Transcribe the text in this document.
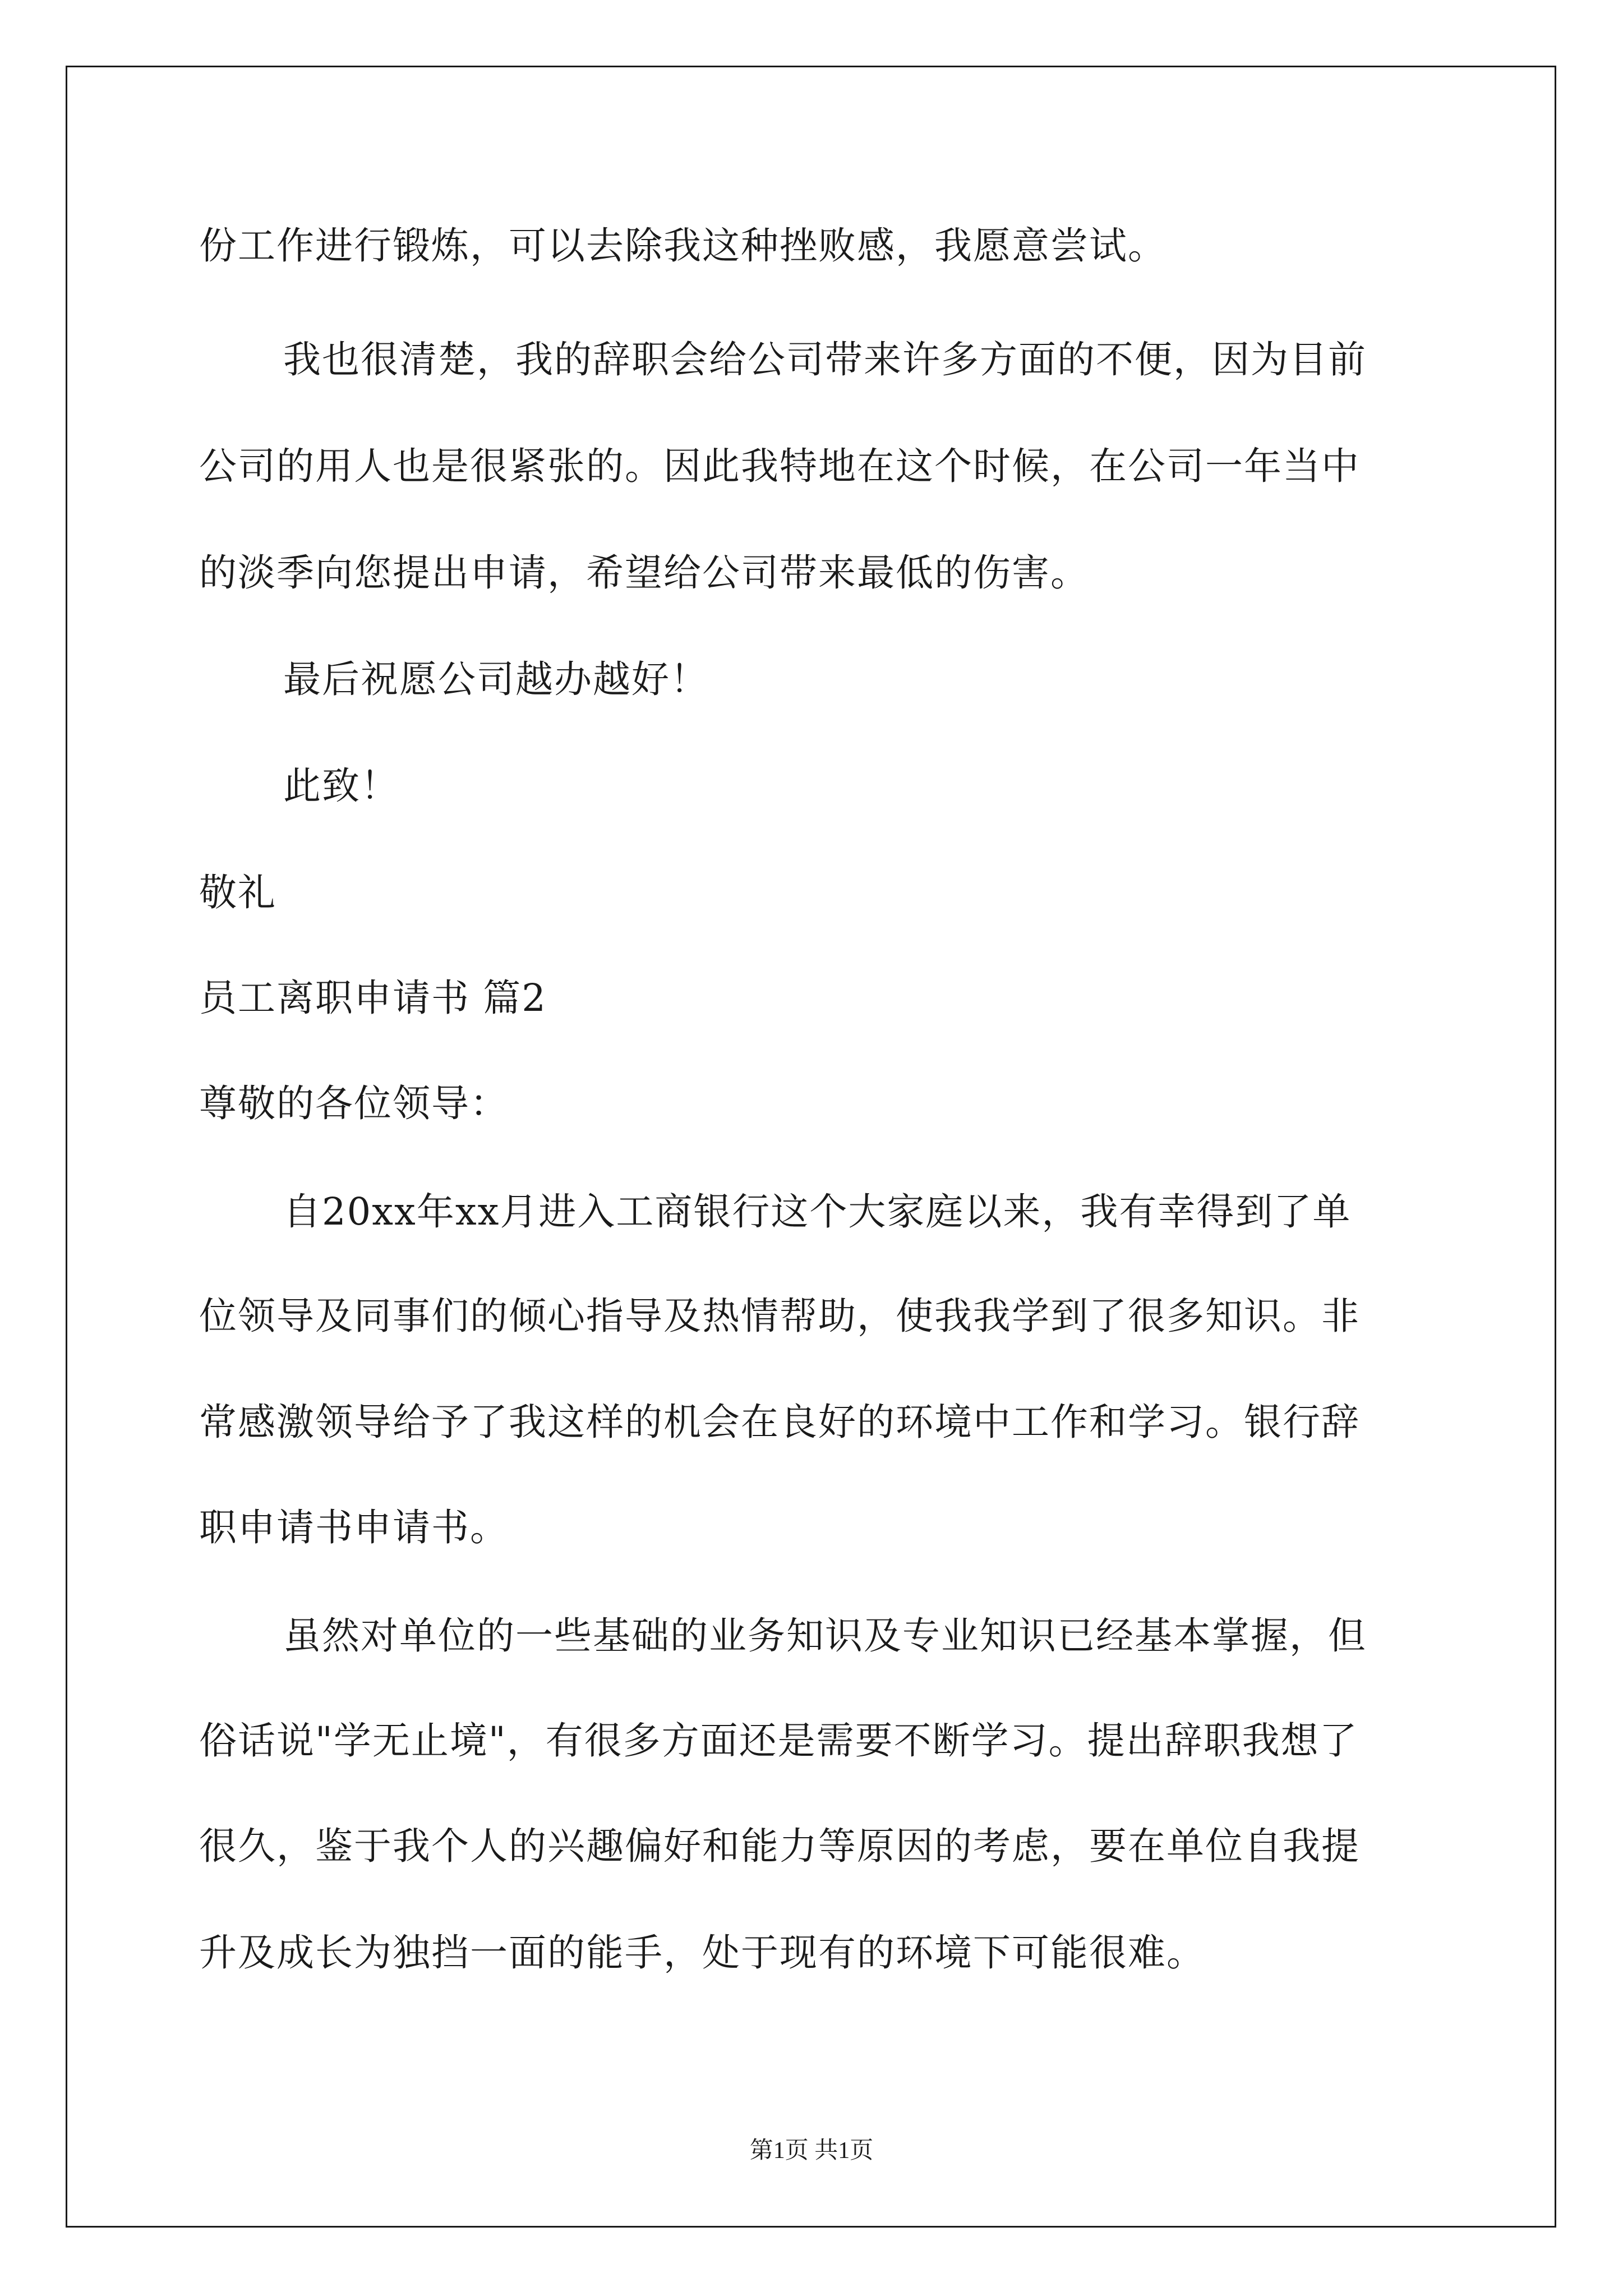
份工作进行锻炼，可以去除我这种挫败感，我愿意尝试。
我也很清楚，我的辞职会给公司带来许多方面的不便，因为目前
公司的用人也是很紧张的。因此我特地在这个时候，在公司一年当中
的淡季向您提出申请，希望给公司带来最低的伤害。
最后祝愿公司越办越好！
此致！
敬礼
员工离职申请书 篇2
尊敬的各位领导：
自20xx年xx月进入工商银行这个大家庭以来，我有幸得到了单
位领导及同事们的倾心指导及热情帮助，使我我学到了很多知识。非
常感激领导给予了我这样的机会在良好的环境中工作和学习。银行辞
职申请书申请书。
虽然对单位的一些基础的业务知识及专业知识已经基本掌握，但
俗话说"学无止境"，有很多方面还是需要不断学习。提出辞职我想了
很久，鉴于我个人的兴趣偏好和能力等原因的考虑，要在单位自我提
升及成长为独挡一面的能手，处于现有的环境下可能很难。
第1页 共1页
